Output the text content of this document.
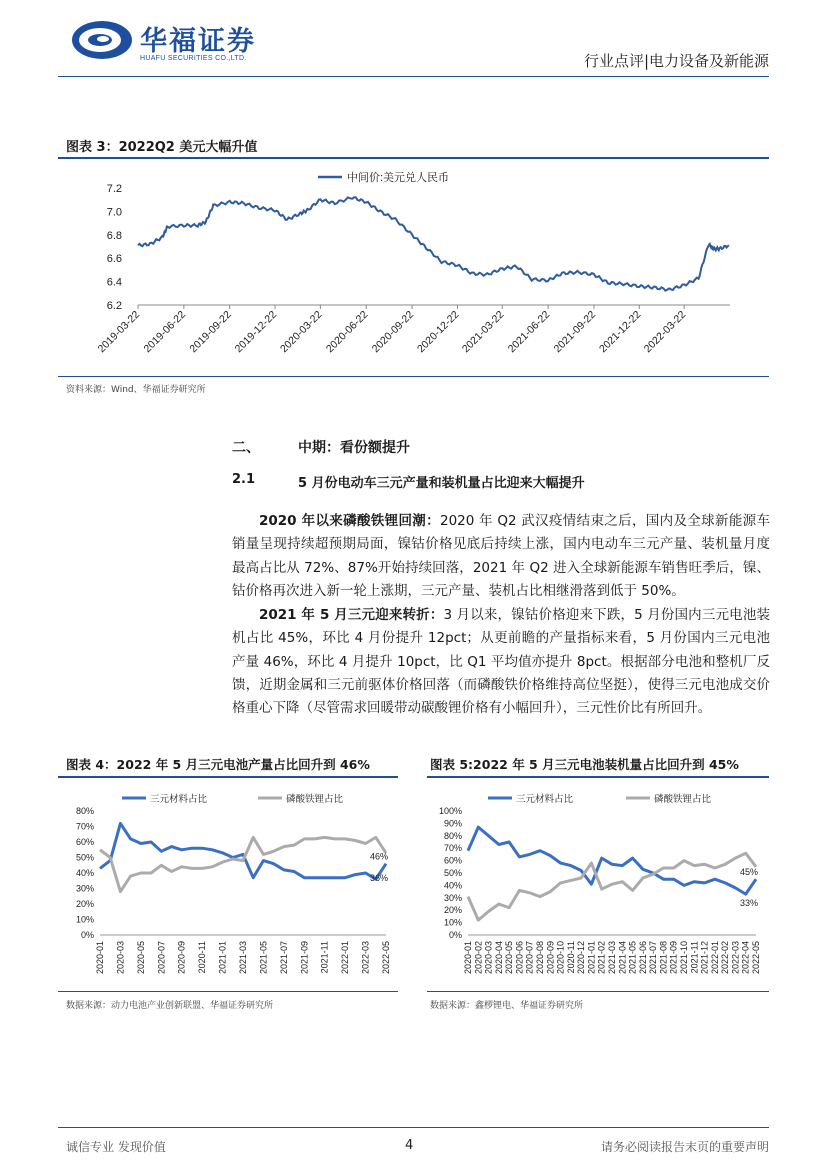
华福证券
HUAFU SECURITIES CO.,LTD.	行业点评|电力设备及新能源
图表 3：2022Q2 美元大幅升值
6.2
6.4
6.6
6.8
7.0
7.2
2019-03-22 2019-06-22 2019-09-22
2019-12-22
2020-03-22 2020-06-22 2020-09-22
2020-12-22
2021-03-22 2021-06-22 2021-09-22
2021-12-22
2022-03-22
中间价:美元兑人民币
资料来源：Wind、华福证券研究所
二、	中期：看份额提升
2.1	5 月份电动车三元产量和装机量占比迎来大幅提升
2020 年以来磷酸铁锂回潮：2020 年 Q2 武汉疫情结束之后，国内及全球新能源车销量呈现持续超预期局面，镍钴价格见底后持续上涨，国内电动车三元产量、装机量月度最高占比从 72%、87%开始持续回落，2021 年 Q2 进入全球新能源车销售旺季后，镍、钴价格再次进入新一轮上涨期，三元产量、装机占比相继滑落到低于 50%。
2021 年 5 月三元迎来转折：3 月以来，镍钴价格迎来下跌，5 月份国内三元电池装机占比 45%，环比 4 月份提升 12pct；从更前瞻的产量指标来看，5 月份国内三元电池产量 46%，环比 4 月提升 10pct，比 Q1 平均值亦提升 8pct。根据部分电池和整机厂反馈，近期金属和三元前驱体价格回落（而磷酸铁价格维持高位坚挺），使得三元电池成交价格重心下降（尽管需求回暖带动碳酸锂价格有小幅回升），三元性价比有所回升。
图表 4：2022 年 5 月三元电池产量占比回升到 46%
0%
10%
20%
30%
40%
50%
60%
70%
80%
2020-01 2020-03 2020-05 2020-07 2020-09 2020-11 2021-01 2021-03 2021-05 2021-07 2021-09 2021-11 2022-01 2022-03 2022-05
三元材料占比	磷酸铁锂占比
46%
36%
数据来源：动力电池产业创新联盟、华福证券研究所
图表 5:2022 年 5 月三元电池装机量占比回升到 45%
0%
10%
20%
30%
40%
50%
60%
70%
80%
90%
100%
2020-01 2020-02 2020-03 2020-04 2020-05 2020-06 2020-07 2020-08 2020-09 2020-10 2020-11 2020-12 2021-01 2021-02 2021-03 2021-04 2021-05 2021-06 2021-07 2021-08 2021-09 2021-10 2021-11 2021-12 2022-01 2022-02 2022-03 2022-04 2022-05
三元材料占比	磷酸铁锂占比
45%
33%
数据来源：鑫椤锂电、华福证券研究所
诚信专业 发现价值	4	请务必阅读报告末页的重要声明
